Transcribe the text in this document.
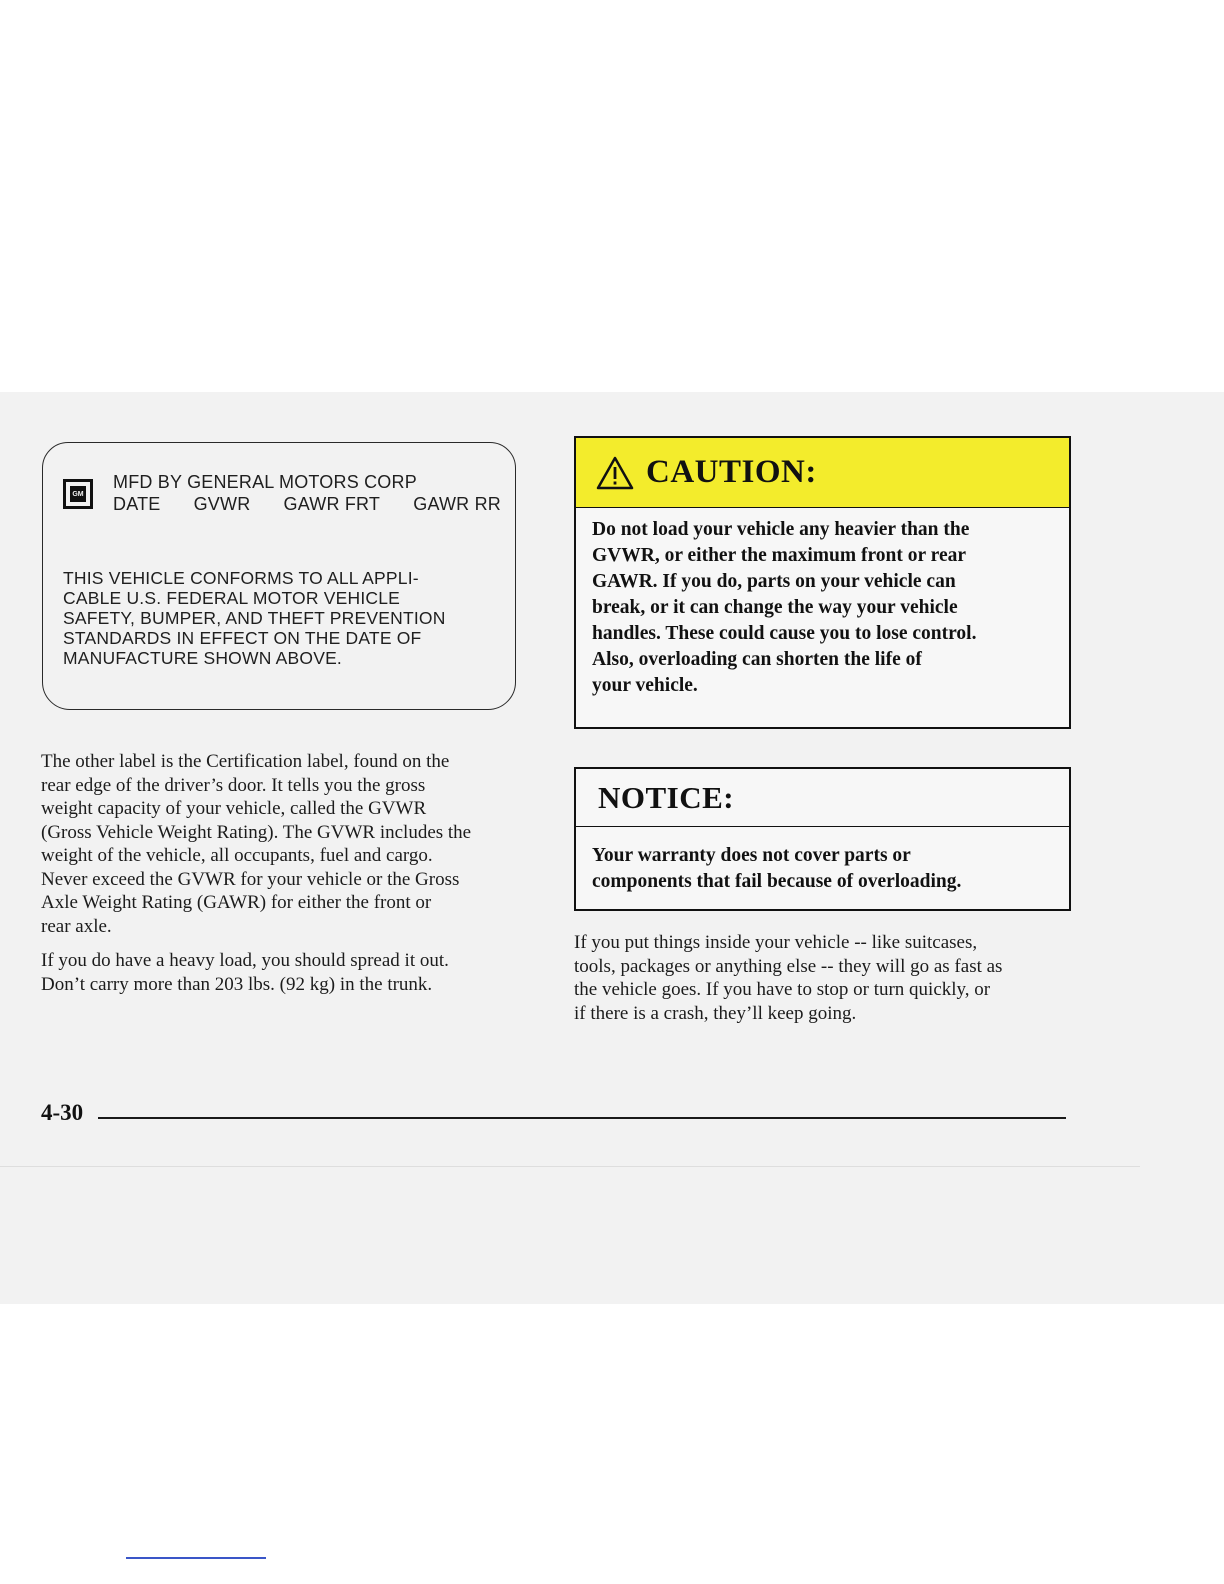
GM
MFD BY GENERAL MOTORS CORP
DATE GVWR GAWR FRT GAWR RR
THIS VEHICLE CONFORMS TO ALL APPLI-
CABLE U.S. FEDERAL MOTOR VEHICLE
SAFETY, BUMPER, AND THEFT PREVENTION
STANDARDS IN EFFECT ON THE DATE OF
MANUFACTURE SHOWN ABOVE.
The other label is the Certification label, found on the
rear edge of the driver’s door. It tells you the gross
weight capacity of your vehicle, called the GVWR
(Gross Vehicle Weight Rating). The GVWR includes the
weight of the vehicle, all occupants, fuel and cargo.
Never exceed the GVWR for your vehicle or the Gross
Axle Weight Rating (GAWR) for either the front or
rear axle.
If you do have a heavy load, you should spread it out.
Don’t carry more than 203 lbs. (92 kg) in the trunk.
CAUTION:
Do not load your vehicle any heavier than the
GVWR, or either the maximum front or rear
GAWR. If you do, parts on your vehicle can
break, or it can change the way your vehicle
handles. These could cause you to lose control.
Also, overloading can shorten the life of
your vehicle.
NOTICE:
Your warranty does not cover parts or
components that fail because of overloading.
If you put things inside your vehicle -- like suitcases,
tools, packages or anything else -- they will go as fast as
the vehicle goes. If you have to stop or turn quickly, or
if there is a crash, they’ll keep going.
4-30
